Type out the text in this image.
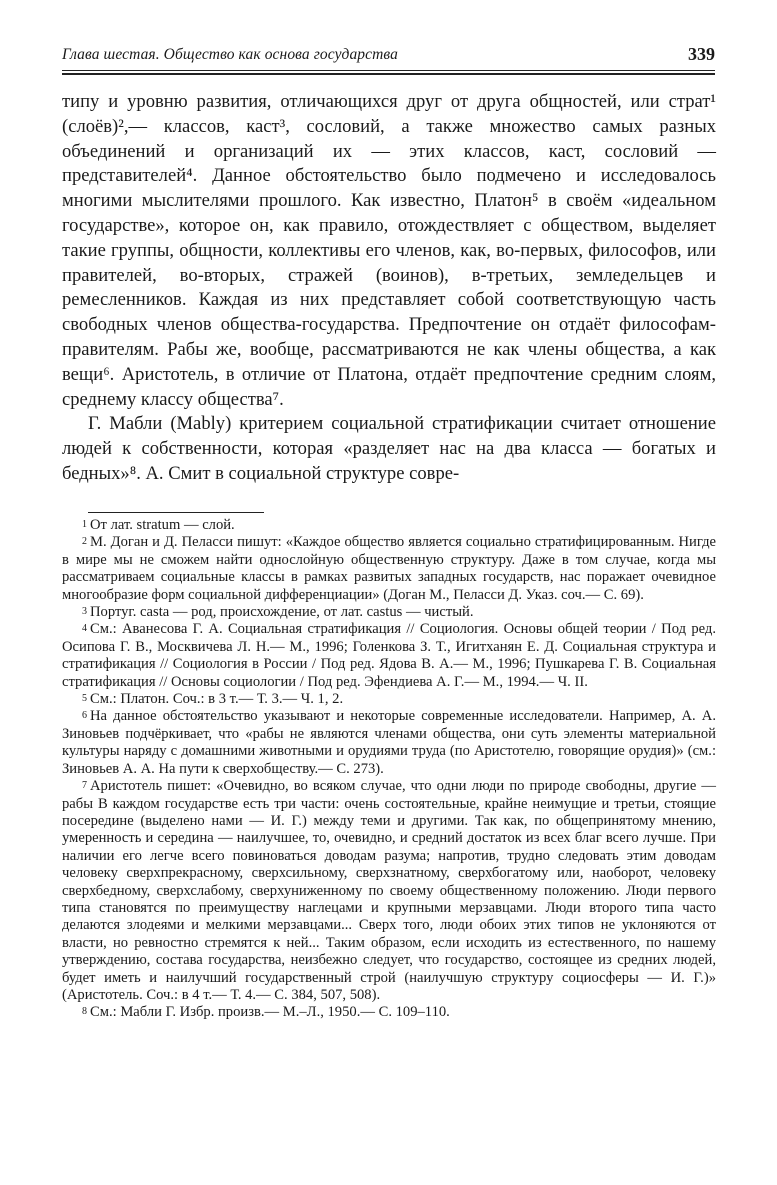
Глава шестая. Общество как основа государства	339

типу и уровню развития, отличающихся друг от друга общностей, или страт¹ (слоёв)²,— классов, каст³, сословий, а также множество самых разных объединений и организаций их — этих классов, каст, сословий — представителей⁴. Данное обстоятельство было подмечено и исследовалось многими мыслителями прошлого. Как известно, Платон⁵ в своём «идеальном государстве», которое он, как правило, отождествляет с обществом, выделяет такие группы, общности, коллективы его членов, как, во-первых, философов, или правителей, во-вторых, стражей (воинов), в-третьих, земледельцев и ремесленников. Каждая из них представляет собой соответствующую часть свободных членов общества-государства. Предпочтение он отдаёт философам-правителям. Рабы же, вообще, рассматриваются не как члены общества, а как вещи⁶. Аристотель, в отличие от Платона, отдаёт предпочтение средним слоям, среднему классу общества⁷.

Г. Мабли (Mably) критерием социальной стратификации считает отношение людей к собственности, которая «разделяет нас на два класса — богатых и бедных»⁸. А. Смит в социальной структуре совре-

$^1$ От лат. stratum — слой.

$^2$ М. Доган и Д. Пеласси пишут: «Каждое общество является социально стратифицированным. Нигде в мире мы не сможем найти однослойную общественную структуру. Даже в том случае, когда мы рассматриваем социальные классы в рамках развитых западных государств, нас поражает очевидное многообразие форм социальной дифференциации» (Доган М., Пеласси Д. Указ. соч.— С. 69).

$^3$ Португ. casta — род, происхождение, от лат. castus — чистый.

$^4$ См.: Аванесова Г. А. Социальная стратификация // Социология. Основы общей теории / Под ред. Осипова Г. В., Москвичева Л. Н.— М., 1996; Голенкова З. Т., Игитханян Е. Д. Социальная структура и стратификация // Социология в России / Под ред. Ядова В. А.— М., 1996; Пушкарева Г. В. Социальная стратификация // Основы социологии / Под ред. Эфендиева А. Г.— М., 1994.— Ч. II.

$^5$ См.: Платон. Соч.: в 3 т.— Т. 3.— Ч. 1, 2.

$^6$ На данное обстоятельство указывают и некоторые современные исследователи. Например, А. А. Зиновьев подчёркивает, что «рабы не являются членами общества, они суть элементы материальной культуры наряду с домашними животными и орудиями труда (по Аристотелю, говорящие орудия)» (см.: Зиновьев А. А. На пути к сверхобществу.— С. 273).

$^7$ Аристотель пишет: «Очевидно, во всяком случае, что одни люди по природе свободны, другие — рабы В каждом государстве есть три части: очень состоятельные, крайне неимущие и третьи, стоящие посередине (выделено нами — И. Г.) между теми и другими. Так как, по общепринятому мнению, умеренность и середина — наилучшее, то, очевидно, и средний достаток из всех благ всего лучше. При наличии его легче всего повиноваться доводам разума; напротив, трудно следовать этим доводам человеку сверхпрекрасному, сверхсильному, сверхзнатному, сверхбогатому или, наоборот, человеку сверхбедному, сверхслабому, сверхуниженному по своему общественному положению. Люди первого типа становятся по преимуществу наглецами и крупными мерзавцами. Люди второго типа часто делаются злодеями и мелкими мерзавцами... Сверх того, люди обоих этих типов не уклоняются от власти, но ревностно стремятся к ней... Таким образом, если исходить из естественного, по нашему утверждению, состава государства, неизбежно следует, что государство, состоящее из средних людей, будет иметь и наилучший государственный строй (наилучшую структуру социосферы — И. Г.)» (Аристотель. Соч.: в 4 т.— Т. 4.— С. 384, 507, 508).

$^8$ См.: Мабли Г. Избр. произв.— М.–Л., 1950.— С. 109–110.
